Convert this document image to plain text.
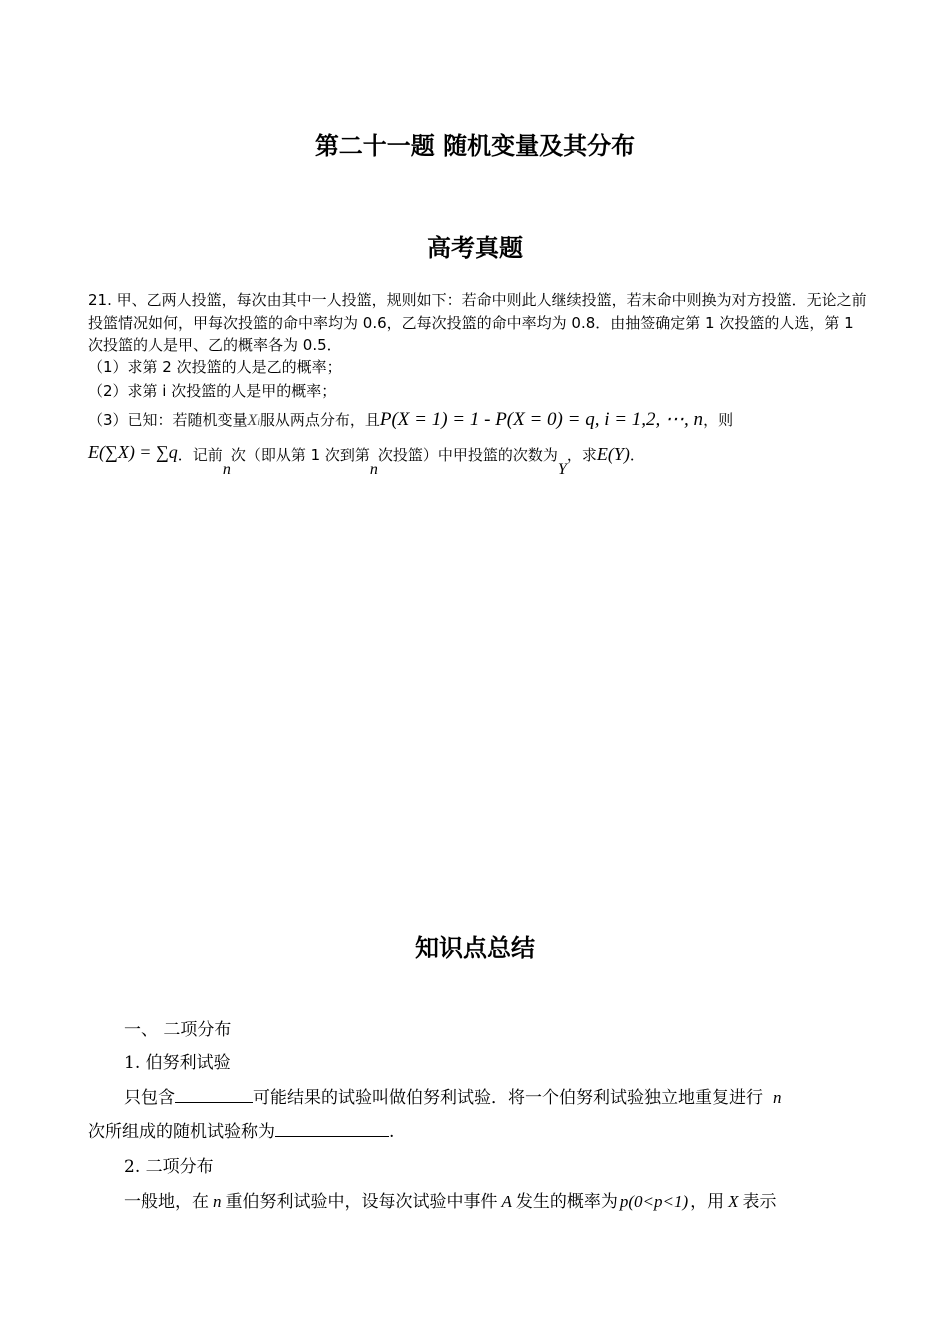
第二十一题 随机变量及其分布
高考真题
21. 甲、乙两人投篮，每次由其中一人投篮，规则如下：若命中则此人继续投篮，若末命中则换为对方投篮．无论之前投篮情况如何，甲每次投篮的命中率均为 0.6，乙每次投篮的命中率均为 0.8．由抽签确定第 1 次投篮的人选，第 1 次投篮的人是甲、乙的概率各为 0.5．
（1）求第 2 次投篮的人是乙的概率；
（2）求第 i 次投篮的人是甲的概率；
（3）已知：若随机变量Xi服从两点分布，且P(X = 1) = 1 - P(X = 0) = q, i = 1,2, ⋯, n，则
E(∑X) = ∑q．记前n次（即从第 1 次到第n次投篮）中甲投篮的次数为Y，求E(Y)．
知识点总结
一、 二项分布
1. 伯努利试验
只包含	可能结果的试验叫做伯努利试验．将一个伯努利试验独立地重复进行 n
次所组成的随机试验称为	.
2. 二项分布
一般地，在 n 重伯努利试验中，设每次试验中事件 A 发生的概率为 p(0<p<1) ，用 X 表示
